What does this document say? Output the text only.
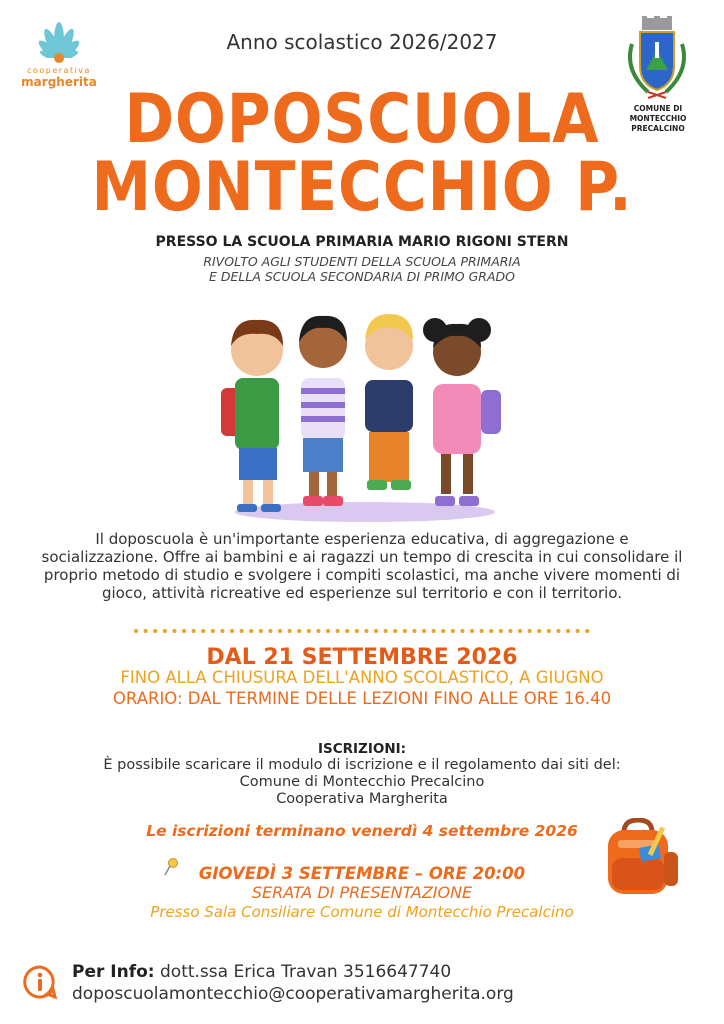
cooperativa
margherita
COMUNE DI
MONTECCHIO
PRECALCINO
Anno scolastico 2026/2027
DOPOSCUOLA
MONTECCHIO P.
PRESSO LA SCUOLA PRIMARIA MARIO RIGONI STERN
RIVOLTO AGLI STUDENTI DELLA SCUOLA PRIMARIA
E DELLA SCUOLA SECONDARIA DI PRIMO GRADO
Il doposcuola è un'importante esperienza educativa, di aggregazione e socializzazione. Offre ai bambini e ai ragazzi un tempo di crescita in cui consolidare il proprio metodo di studio e svolgere i compiti scolastici, ma anche vivere momenti di gioco, attività ricreative ed esperienze sul territorio e con il territorio.
DAL 21 SETTEMBRE 2026
FINO ALLA CHIUSURA DELL'ANNO SCOLASTICO, A GIUGNO
ORARIO: DAL TERMINE DELLE LEZIONI FINO ALLE ORE 16.40
ISCRIZIONI:
È possibile scaricare il modulo di iscrizione e il regolamento dai siti del:
Comune di Montecchio Precalcino
Cooperativa Margherita
Le iscrizioni terminano venerdì 4 settembre 2026
GIOVEDÌ 3 SETTEMBRE – ORE 20:00
SERATA DI PRESENTAZIONE
Presso Sala Consiliare Comune di Montecchio Precalcino
Per Info: dott.ssa Erica Travan 3516647740
doposcuolamontecchio@cooperativamargherita.org
